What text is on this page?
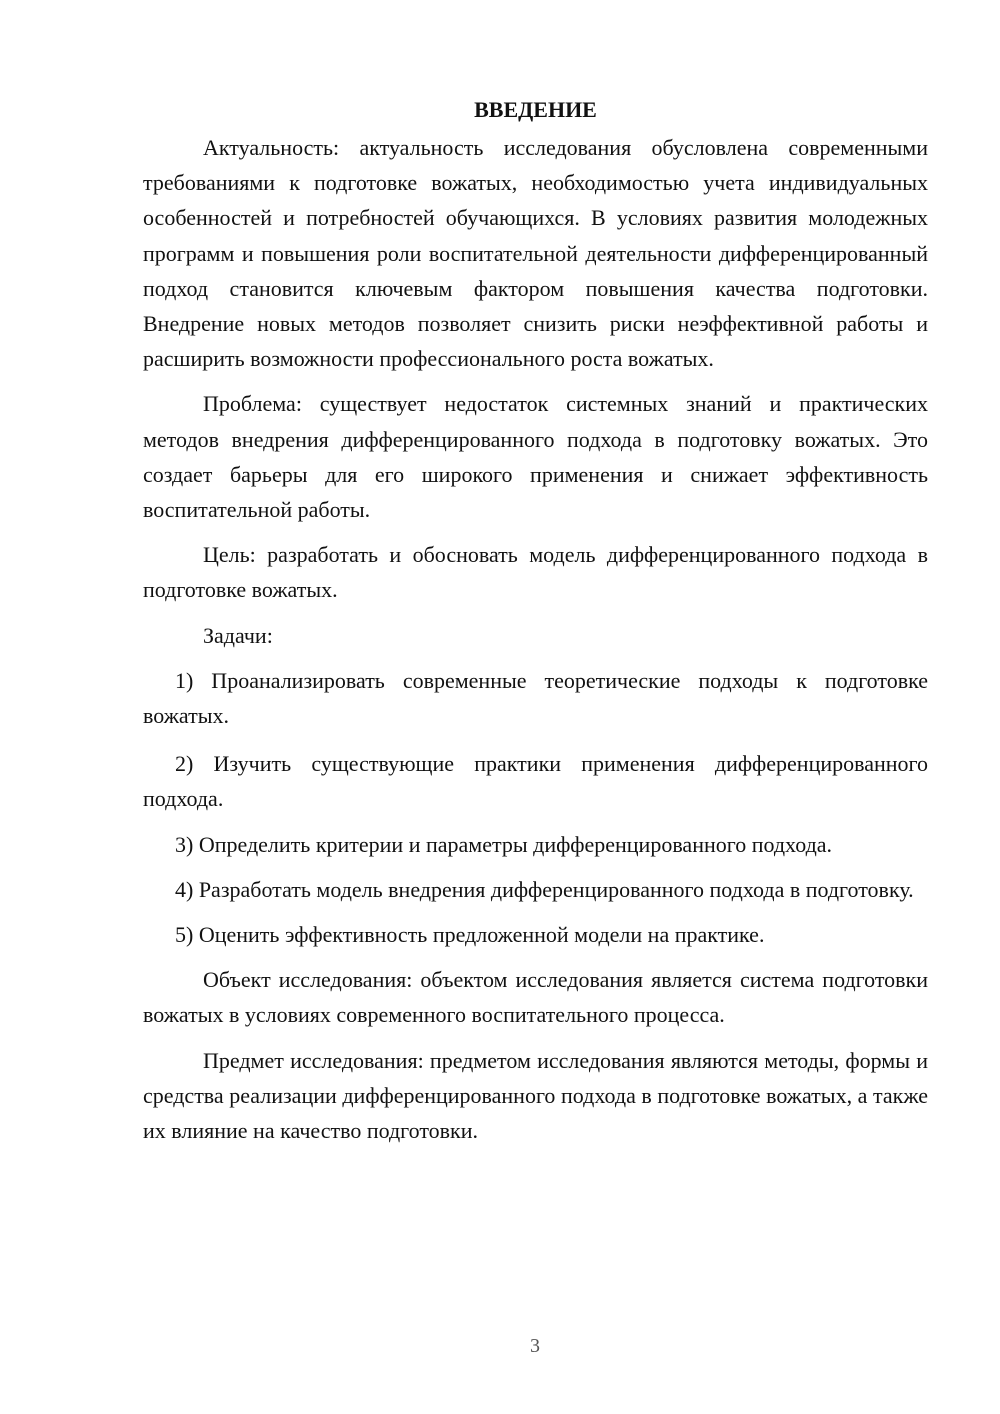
ВВЕДЕНИЕ

Актуальность: актуальность исследования обусловлена современными требованиями к подготовке вожатых, необходимостью учета индивидуальных особенностей и потребностей обучающихся. В условиях развития молодежных программ и повышения роли воспитательной деятельности дифференцированный подход становится ключевым фактором повышения качества подготовки. Внедрение новых методов позволяет снизить риски неэффективной работы и расширить возможности профессионального роста вожатых.

Проблема: существует недостаток системных знаний и практических методов внедрения дифференцированного подхода в подготовку вожатых. Это создает барьеры для его широкого применения и снижает эффективность воспитательной работы.

Цель: разработать и обосновать модель дифференцированного подхода в подготовке вожатых.

Задачи:

1) Проанализировать современные теоретические подходы к подготовке вожатых.

2) Изучить существующие практики применения дифференцированного подхода.

3) Определить критерии и параметры дифференцированного подхода.

4) Разработать модель внедрения дифференцированного подхода в подготовку.

5) Оценить эффективность предложенной модели на практике.

Объект исследования: объектом исследования является система подготовки вожатых в условиях современного воспитательного процесса.

Предмет исследования: предметом исследования являются методы, формы и средства реализации дифференцированного подхода в подготовке вожатых, а также их влияние на качество подготовки.

3
